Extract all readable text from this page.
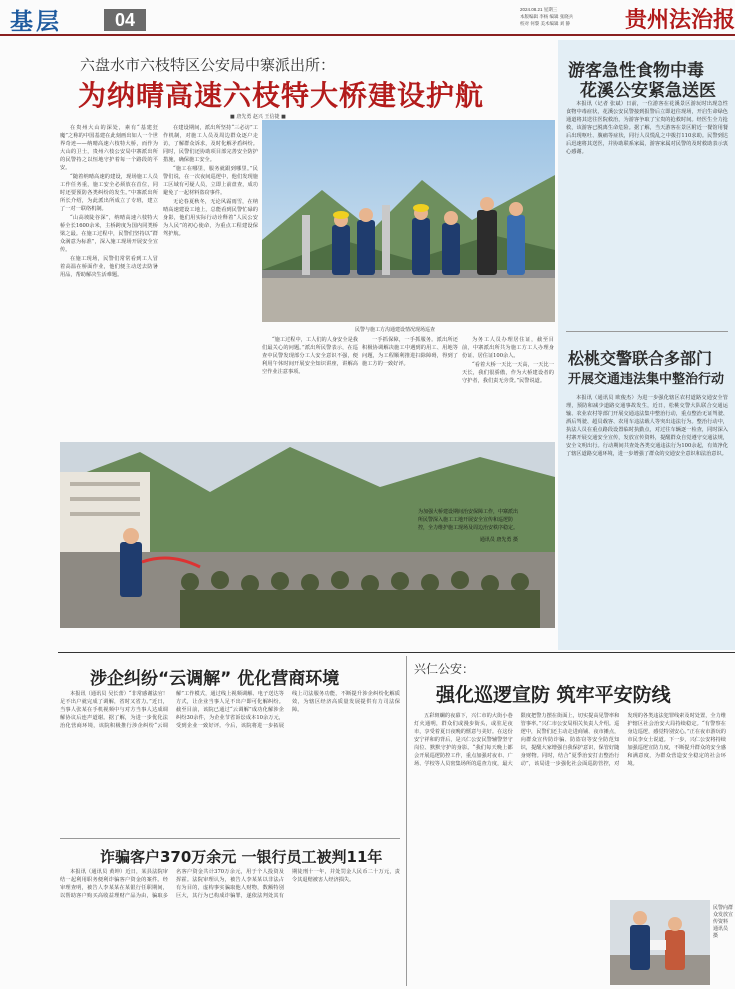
基层	04
2024.08.21 星期三
本版编辑 李杨 编辑 张晓兵
校对 何黎 美术编辑 刘 静 贵州法治报
六盘水市六枝特区公安局中寨派出所：
为纳晴高速六枝特大桥建设护航
■ 唐先勇 赵兴 王信捷 ■

在贵州大山的深处，素有“基建狂魔”之称的中国基建在此刻画出如人一个世界奇迹——纳晴高速六枝特大桥，而作为大山的卫士，贵州六枝公安局中寨派出所的民警持之以恒地守护着每一个路段的平安。

“随着纳晴高速的建设，现场施工人员工作任务重，施工安全必须放在首位，同时还要预防各类纠纷的发生。”中寨派出所所长介绍，为此派出所成立了专班，建立了一对一联络机制。

“山高坡陡谷深”，纳晴高速六枝特大桥全长1600余米，主桥跨度为国内同类桥梁之最。在施工过程中，民警们坚持以“群众满意为标准”，深入施工现场开展安全宣传。

在施工现场，民警们常常看到工人冒着高温在桥面作业，他们便主动送去防暑用品，帮助解决生活难题。

在建设期间，派出所坚持“三必访”工作机制，对施工人员及周边群众逐户走访，了解群众诉求，及时化解矛盾纠纷。同时，民警们还协助项目部完善安全防护措施，确保施工安全。

“施工在哪里，服务就跟到哪里。”民警们说，在一次夜间巡逻中，他们发现施工区域有可疑人员，立即上前盘查，成功避免了一起材料盗窃事件。

无论春夏秋冬，无论风霜雨雪，在纳晴高速建设工地上，总能看到民警忙碌的身影，他们用实际行动诠释着“人民公安为人民”的初心使命，为重点工程建设保驾护航。

民警与施工方沟通建设情况现场巡查

“施工过程中，工人们的人身安全是我们最关心的问题。”派出所民警表示，在巡查中民警发现部分工人安全意识不强，便利用午休时间开展安全知识讲座，讲解高空作业注意事项。

一手抓保障，一手抓服务。派出所还积极协调解决施工中遇到的用工、用地等问题，为工程顺利推进扫除障碍，得到了施工方的一致好评。

为务工人员办理居住证，截至目前，中寨派出所共为施工方工人办理身份证、居住证100余人。

“看着大桥一天比一天高，一天比一天长，我们很骄傲，作为大桥建设者的守护者，我们责无旁贷。”民警说道。

为加强大桥建设期间治安保障工作，中寨派出所民警深入施工工地开展安全宣传和巡逻防控，全力维护施工现场及周边治安秩序稳定。
通讯员 唐先勇 摄
游客急性食物中毒
花溪公安紧急送医

本报讯（记者 张斌）日前，一位游客在花溪景区游玩时出现急性食物中毒症状，花溪公安民警接到报警后立即赶往现场，开启生命绿色通道将其送往医院救治，为游客争取了宝贵的抢救时间。经医生全力抢救，该游客已脱离生命危险。据了解，当天游客在景区附近一餐馆用餐后出现呕吐、腹痛等症状，同行人员慌乱之中拨打110求助。民警到达后迅速将其送医，并协助联系家属，游客家属对民警的及时救助表示衷心感谢。

松桃交警联合多部门
开展交通违法集中整治行动

本报讯（通讯员 欧俊杰）为进一步强化辖区农村道路交通安全管理，预防和减少道路交通事故发生，近日，松桃交警大队联合交通运输、农业农村等部门开展交通违法集中整治行动，重点整治无证驾驶、酒后驾驶、超员载客、农用车违法载人等突出违法行为。整治行动中，执法人员在重点路段设置临时执勤点，对过往车辆逐一检查，同时深入村寨开展交通安全宣传，发放宣传资料，提醒群众自觉遵守交通法规，安全文明出行。行动期间共查处各类交通违法行为100余起，有效净化了辖区道路交通环境，进一步增强了群众的交通安全意识和法治意识。

涉企纠纷“云调解” 优化营商环境

本报讯（通讯员 吴长蕾）“非常感谢法官！足不出户就完成了调解，省时又省力。”近日，当事人张某在手机视频中与对方当事人达成调解协议后连声道谢。据了解，为进一步优化法治化营商环境，该院积极推行涉企纠纷“云调解”工作模式，通过线上视频调解、电子送达等方式，让企业当事人足不出户即可化解纠纷。截至目前，该院已通过“云调解”成功化解涉企纠纷30余件，为企业节省诉讼成本10余万元，受到企业一致好评。今后，该院将进一步拓展线上司法服务功能，不断提升涉企纠纷化解质效，为辖区经济高质量发展提供有力司法保障。

诈骗客户370万余元 一银行员工被判11年

本报讯（通讯员 黄坤）近日，某县法院审结一起利用职务便利诈骗客户资金的案件。经审理查明，被告人李某某在某银行任职期间，以帮助客户购买高收益理财产品为由，骗取多名客户资金共计370万余元，用于个人投资及挥霍。法院审理认为，被告人李某某以非法占有为目的，虚构事实骗取他人财物，数额特别巨大，其行为已构成诈骗罪，遂依法判处其有期徒刑十一年，并处罚金人民币二十万元，责令其退赔被害人经济损失。

兴仁公安：
强化巡逻宣防 筑牢平安防线

五彩斑斓的夜幕下，兴仁市的大街小巷灯火通明，群众们或漫步街头，或驻足夜市，享受着夏日夜晚的惬意与美好。在这份安宁祥和的背后，是兴仁公安民警辅警坚守岗位、默默守护的身影。“我们每天晚上都会开展巡逻防控工作，重点加强对夜市、广场、学校等人员密集场所的巡查力度，最大限度把警力摆在街面上，切实提高见警率和管事率。”兴仁市公安局相关负责人介绍。巡逻中，民警们还主动走进商铺、夜市摊点，向群众宣传防诈骗、防盗窃等安全防范知识，提醒大家增强自我保护意识，保管好随身财物。同时，结合“夏季治安打击整治行动”，该局进一步强化社会面巡防管控，对发现的各类违法犯罪线索及时处置，全力维护辖区社会治安大局持续稳定。“有警察在身边巡逻，感觉特别安心。”正在夜市游玩的市民李女士说道。下一步，兴仁公安将持续加强巡逻宣防力度，不断提升群众的安全感和满意度，为群众营造安全稳定的社会环境。

民警向群众发放宣传资料
通讯员 摄
